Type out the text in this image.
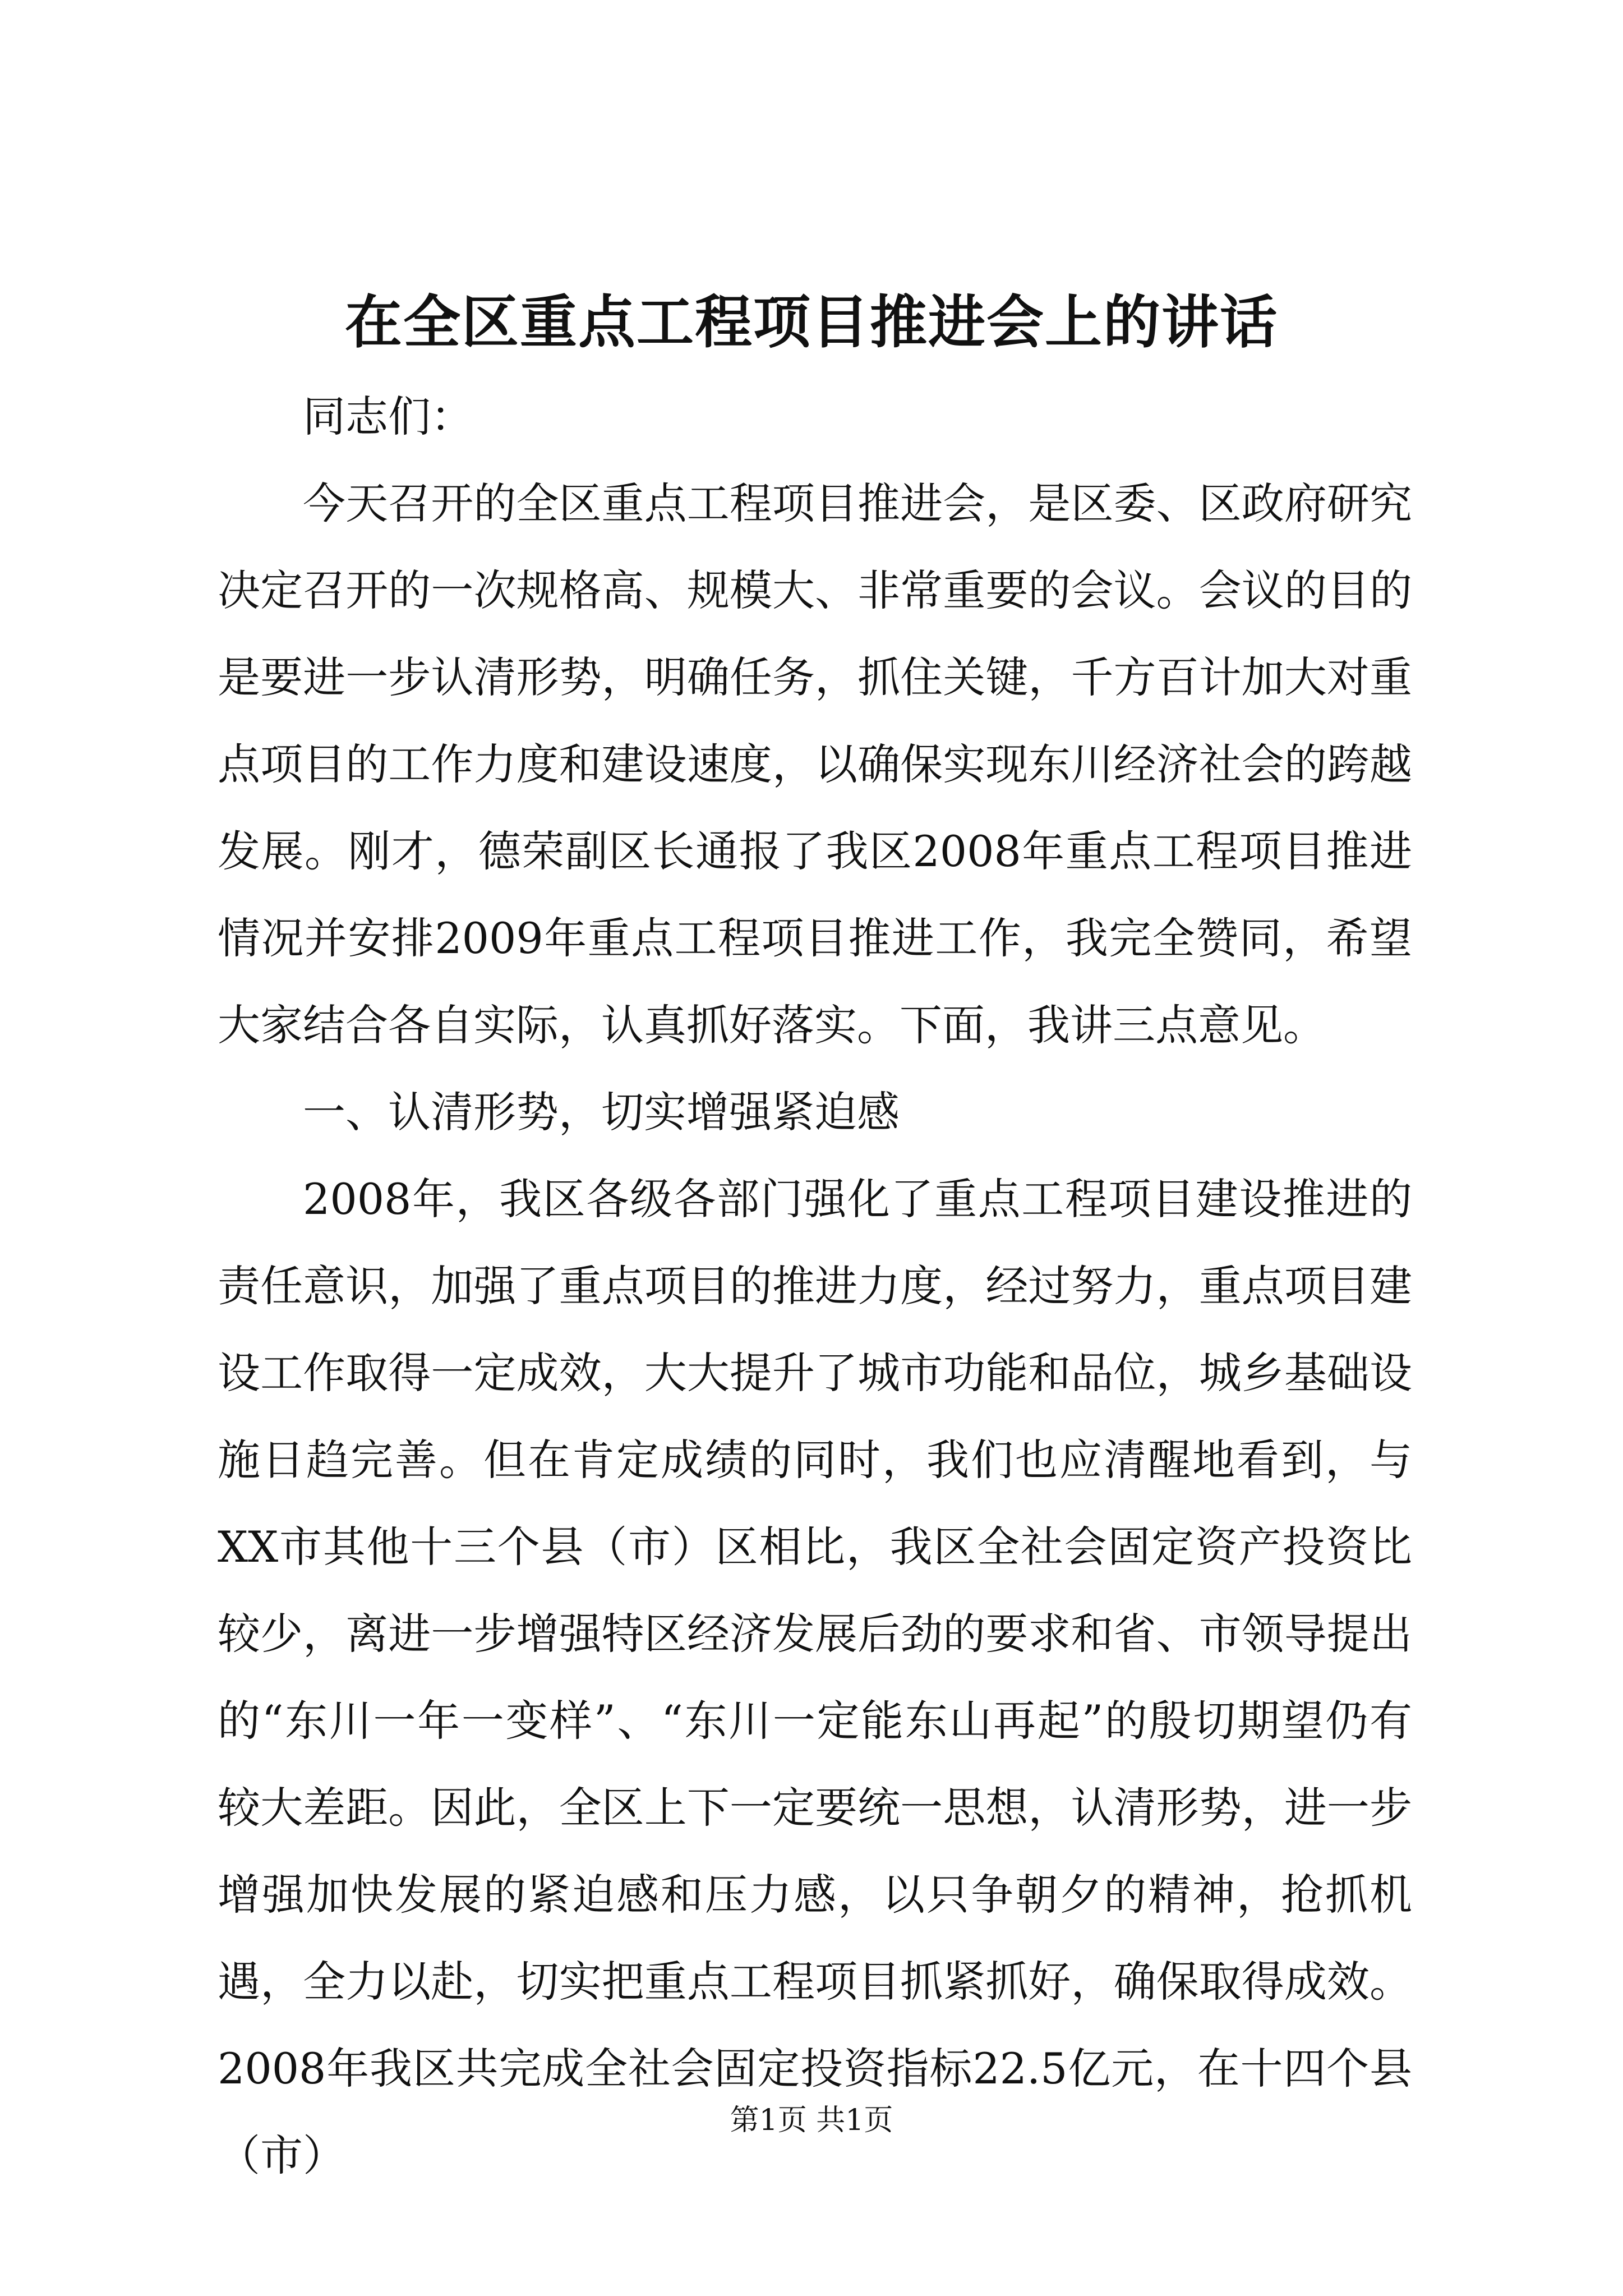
在全区重点工程项目推进会上的讲话

同志们：

今天召开的全区重点工程项目推进会，是区委、区政府研究决定召开的一次规格高、规模大、非常重要的会议。会议的目的是要进一步认清形势，明确任务，抓住关键，千方百计加大对重点项目的工作力度和建设速度，以确保实现东川经济社会的跨越发展。刚才，德荣副区长通报了我区2008年重点工程项目推进情况并安排2009年重点工程项目推进工作，我完全赞同，希望大家结合各自实际，认真抓好落实。下面，我讲三点意见。

一、认清形势，切实增强紧迫感

2008年，我区各级各部门强化了重点工程项目建设推进的责任意识，加强了重点项目的推进力度，经过努力，重点项目建设工作取得一定成效，大大提升了城市功能和品位，城乡基础设施日趋完善。但在肯定成绩的同时，我们也应清醒地看到，与XX市其他十三个县（市）区相比，我区全社会固定资产投资比较少，离进一步增强特区经济发展后劲的要求和省、市领导提出的“东川一年一变样”、“东川一定能东山再起”的殷切期望仍有较大差距。因此，全区上下一定要统一思想，认清形势，进一步增强加快发展的紧迫感和压力感，以只争朝夕的精神，抢抓机遇，全力以赴，切实把重点工程项目抓紧抓好，确保取得成效。2008年我区共完成全社会固定投资指标22.5亿元，在十四个县（市）

第1页 共1页
